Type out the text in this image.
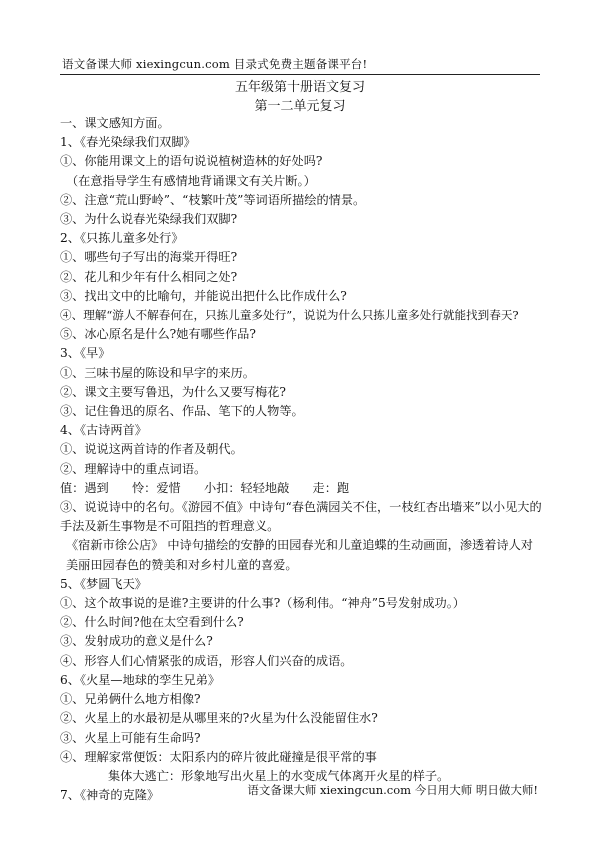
语文备课大师 xiexingcun.com 目录式免费主题备课平台!
五年级第十册语文复习
第一二单元复习
一、课文感知方面。
1、《春光染绿我们双脚》
①、你能用课文上的语句说说植树造林的好处吗?
（在意指导学生有感情地背诵课文有关片断。）
②、注意“荒山野岭”、“枝繁叶茂”等词语所描绘的情景。
③、为什么说春光染绿我们双脚?
2、《只拣儿童多处行》
①、哪些句子写出的海棠开得旺?
②、花儿和少年有什么相同之处?
③、找出文中的比喻句，并能说出把什么比作成什么?
④、理解“游人不解春何在，只拣儿童多处行”，说说为什么只拣儿童多处行就能找到春天?
⑤、冰心原名是什么?她有哪些作品?
3、《早》
①、三味书屋的陈设和早字的来历。
②、课文主要写鲁迅，为什么又要写梅花?
③、记住鲁迅的原名、作品、笔下的人物等。
4、《古诗两首》
①、说说这两首诗的作者及朝代。
②、理解诗中的重点词语。
值：遇到      怜：爱惜      小扣：轻轻地敲      走：跑
③、说说诗中的名句。《游园不值》中诗句“春色满园关不住，一枝红杏出墙来”以小见大的手法及新生事物是不可阻挡的哲理意义。
《宿新市徐公店》 中诗句描绘的安静的田园春光和儿童追蝶的生动画面，渗透着诗人对美丽田园春色的赞美和对乡村儿童的喜爱。
5、《梦圆飞天》
①、这个故事说的是谁?主要讲的什么事?（杨利伟。“神舟”5号发射成功。）
②、什么时间?他在太空看到什么?
③、发射成功的意义是什么?
④、形容人们心情紧张的成语，形容人们兴奋的成语。
6、《火星—地球的孪生兄弟》
①、兄弟俩什么地方相像?
②、火星上的水最初是从哪里来的?火星为什么没能留住水?
③、火星上可能有生命吗?
④、理解家常便饭：太阳系内的碎片彼此碰撞是很平常的事
集体大逃亡：形象地写出火星上的水变成气体离开火星的样子。
7、《神奇的克隆》	语文备课大师 xiexingcun.com 今日用大师 明日做大师!
